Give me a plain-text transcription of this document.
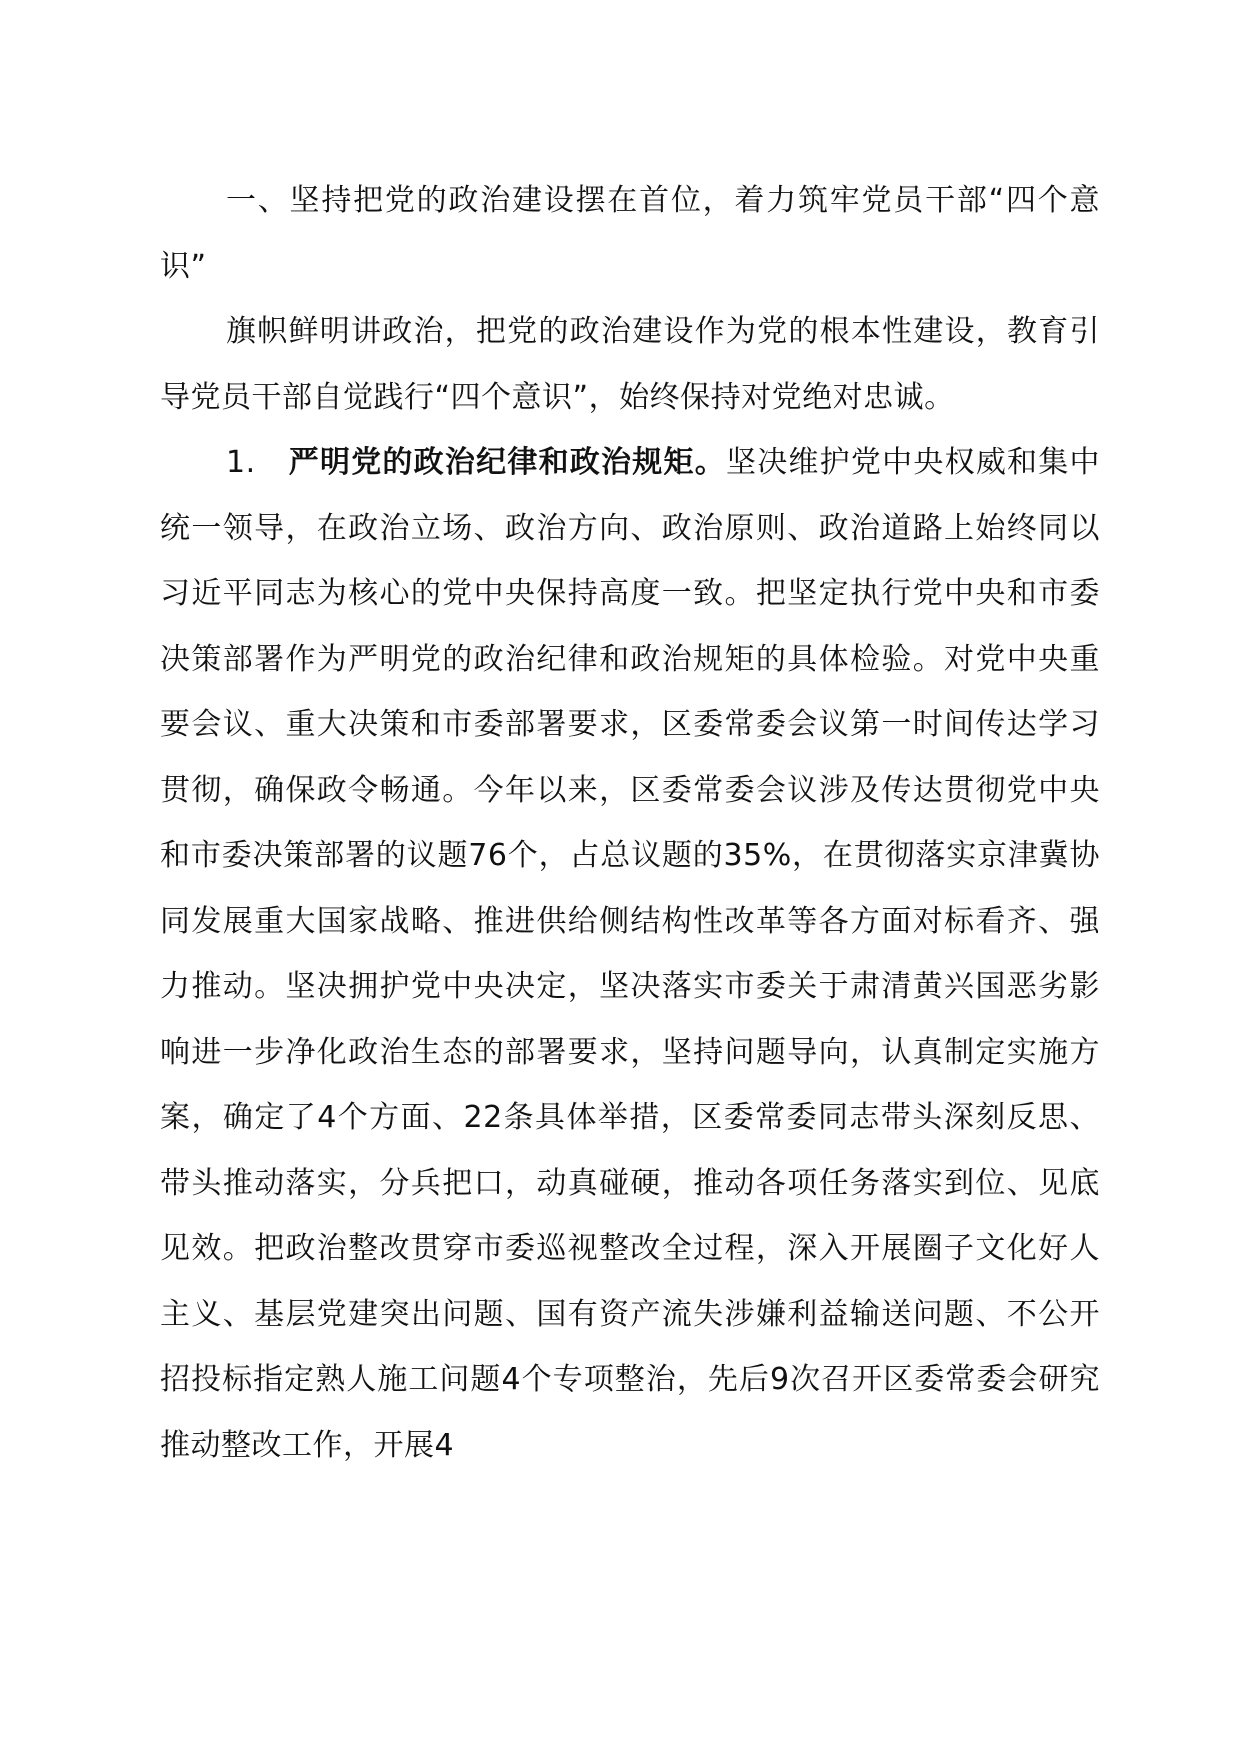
一、坚持把党的政治建设摆在首位，着力筑牢党员干部“四个意识”

旗帜鲜明讲政治，把党的政治建设作为党的根本性建设，教育引导党员干部自觉践行“四个意识”，始终保持对党绝对忠诚。

1. 严明党的政治纪律和政治规矩。坚决维护党中央权威和集中统一领导，在政治立场、政治方向、政治原则、政治道路上始终同以习近平同志为核心的党中央保持高度一致。把坚定执行党中央和市委决策部署作为严明党的政治纪律和政治规矩的具体检验。对党中央重要会议、重大决策和市委部署要求，区委常委会议第一时间传达学习贯彻，确保政令畅通。今年以来，区委常委会议涉及传达贯彻党中央和市委决策部署的议题76个，占总议题的35%，在贯彻落实京津冀协同发展重大国家战略、推进供给侧结构性改革等各方面对标看齐、强力推动。坚决拥护党中央决定，坚决落实市委关于肃清黄兴国恶劣影响进一步净化政治生态的部署要求，坚持问题导向，认真制定实施方案，确定了4个方面、22条具体举措，区委常委同志带头深刻反思、带头推动落实，分兵把口，动真碰硬，推动各项任务落实到位、见底见效。把政治整改贯穿市委巡视整改全过程，深入开展圈子文化好人主义、基层党建突出问题、国有资产流失涉嫌利益输送问题、不公开招投标指定熟人施工问题4个专项整治，先后9次召开区委常委会研究推动整改工作，开展4
